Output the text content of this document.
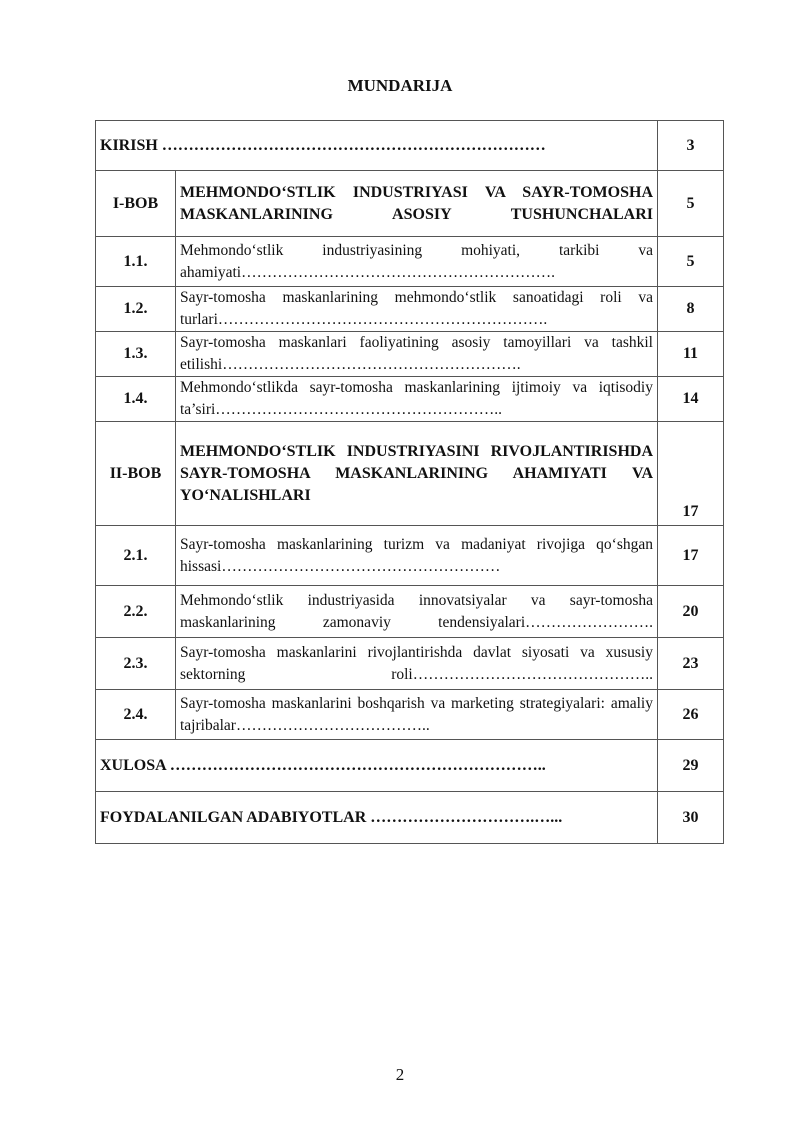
MUNDARIJA
KIRISH ………………………………………………………………		3
I-BOB	MEHMONDO‘STLIK INDUSTRIYASI VA SAYR-TOMOSHA MASKANLARINING ASOSIY TUSHUNCHALARI	5
1.1.	Mehmondo‘stlik industriyasining mohiyati, tarkibi va ahamiyati…………………………………………………….	5
1.2.	Sayr-tomosha maskanlarining mehmondo‘stlik sanoatidagi roli va turlari……………………………………………………….	8
1.3.	Sayr-tomosha maskanlari faoliyatining asosiy tamoyillari va tashkil etilishi………………………………………………….	11
1.4.	Mehmondo‘stlikda sayr-tomosha maskanlarining ijtimoiy va iqtisodiy ta’siri………………………………………………..	14
II-BOB	MEHMONDO‘STLIK INDUSTRIYASINI RIVOJLANTIRISHDA SAYR-TOMOSHA MASKANLARINING AHAMIYATI VA YO‘NALISHLARI	17
2.1.	Sayr-tomosha maskanlarining turizm va madaniyat rivojiga qo‘shgan hissasi………………………………………………	17
2.2.	Mehmondo‘stlik industriyasida innovatsiyalar va sayr-tomosha maskanlarining zamonaviy tendensiyalari…………………….	20
2.3.	Sayr-tomosha maskanlarini rivojlantirishda davlat siyosati va xususiy sektorning roli………………………………………..	23
2.4.	Sayr-tomosha maskanlarini boshqarish va marketing strategiyalari: amaliy tajribalar………………………………..	26
XULOSA ……………………………………………………………..		29
FOYDALANILGAN ADABIYOTLAR ………………………….…...		30
2
